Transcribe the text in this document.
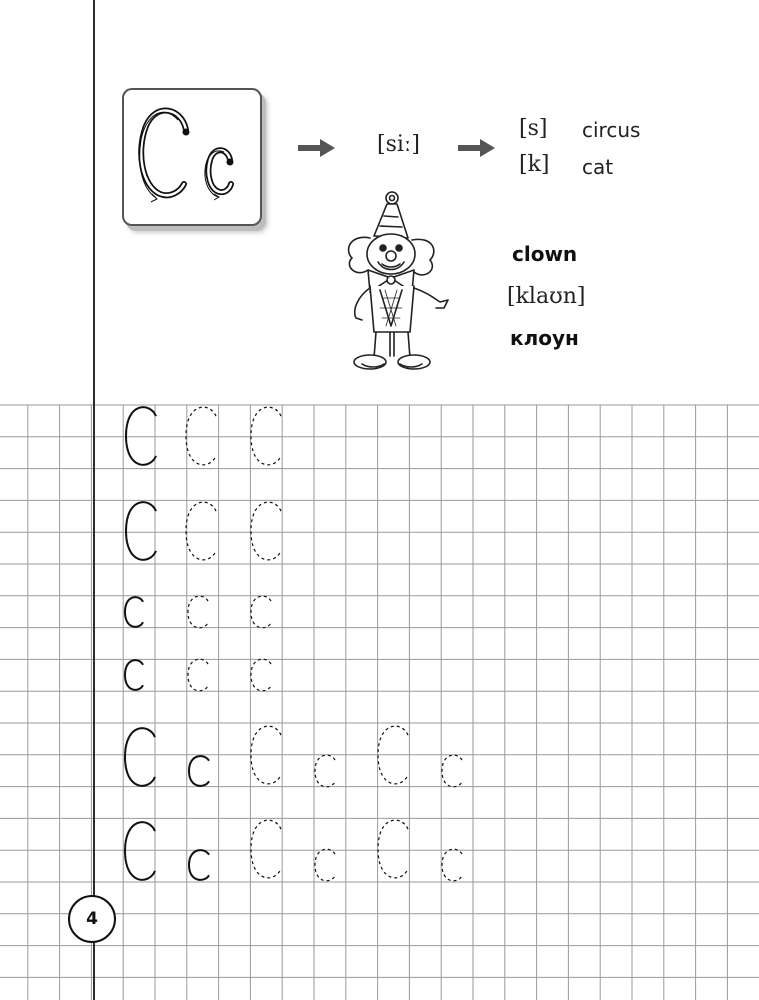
[siː]
[s] circus
[k] cat
clown
[klaʊn]
клоун
4
